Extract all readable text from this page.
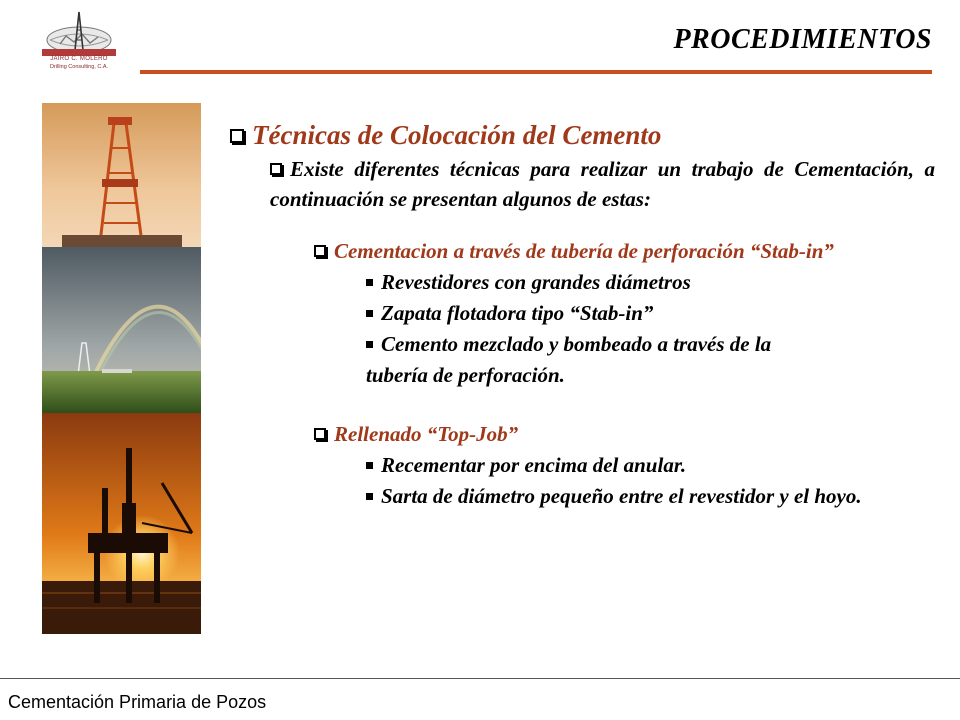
JAIRO C. MOLERO
Drilling Consulting, C.A.
PROCEDIMIENTOS
Técnicas de Colocación del Cemento
Existe diferentes técnicas para realizar un trabajo de Cementación, a continuación se presentan algunos de estas:
Cementacion a través de tubería de perforación “Stab-in”
Revestidores con grandes diámetros
Zapata flotadora tipo “Stab-in”
Cemento mezclado y bombeado a través de la tubería de perforación.
Rellenado “Top-Job”
Recementar por encima del anular.
Sarta de diámetro pequeño entre el revestidor y el hoyo.
Cementación Primaria de Pozos
